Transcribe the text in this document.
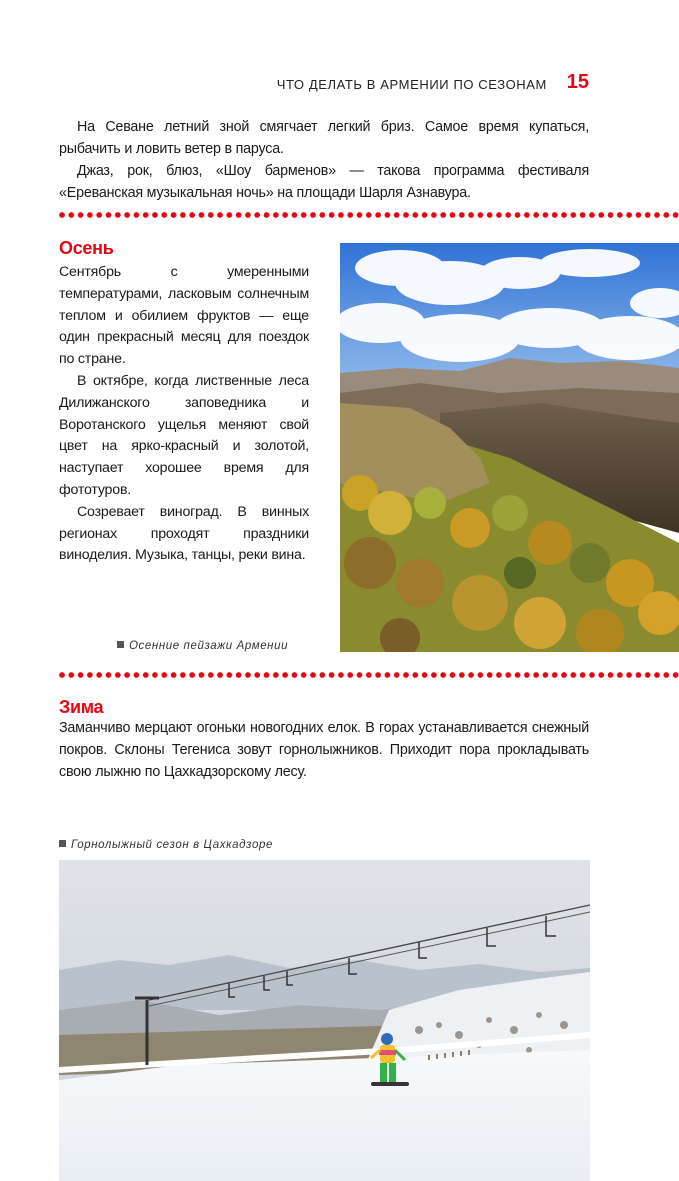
ЧТО ДЕЛАТЬ В АРМЕНИИ ПО СЕЗОНАМ 15

На Севане летний зной смягчает легкий бриз. Самое время купаться, рыбачить и ловить ветер в паруса.

Джаз, рок, блюз, «Шоу барменов» — такова программа фестиваля «Ереванская музыкальная ночь» на площади Шарля Азнавура.

Осень

Сентябрь с умеренными температурами, ласковым солнечным теплом и обилием фруктов — еще один прекрасный месяц для поездок по стране.

В октябре, когда лиственные леса Дилижанского заповедника и Воротанского ущелья меняют свой цвет на ярко-красный и золотой, наступает хорошее время для фототуров.

Созревает виноград. В винных регионах проходят праздники виноделия. Музыка, танцы, реки вина.

Осенние пейзажи Армении
Зима

Заманчиво мерцают огоньки новогодних елок. В горах устанавливается снежный покров. Склоны Тегениса зовут горнолыжников. Приходит пора прокладывать свою лыжню по Цахкадзорскому лесу.

Горнолыжный сезон в Цахкадзоре
